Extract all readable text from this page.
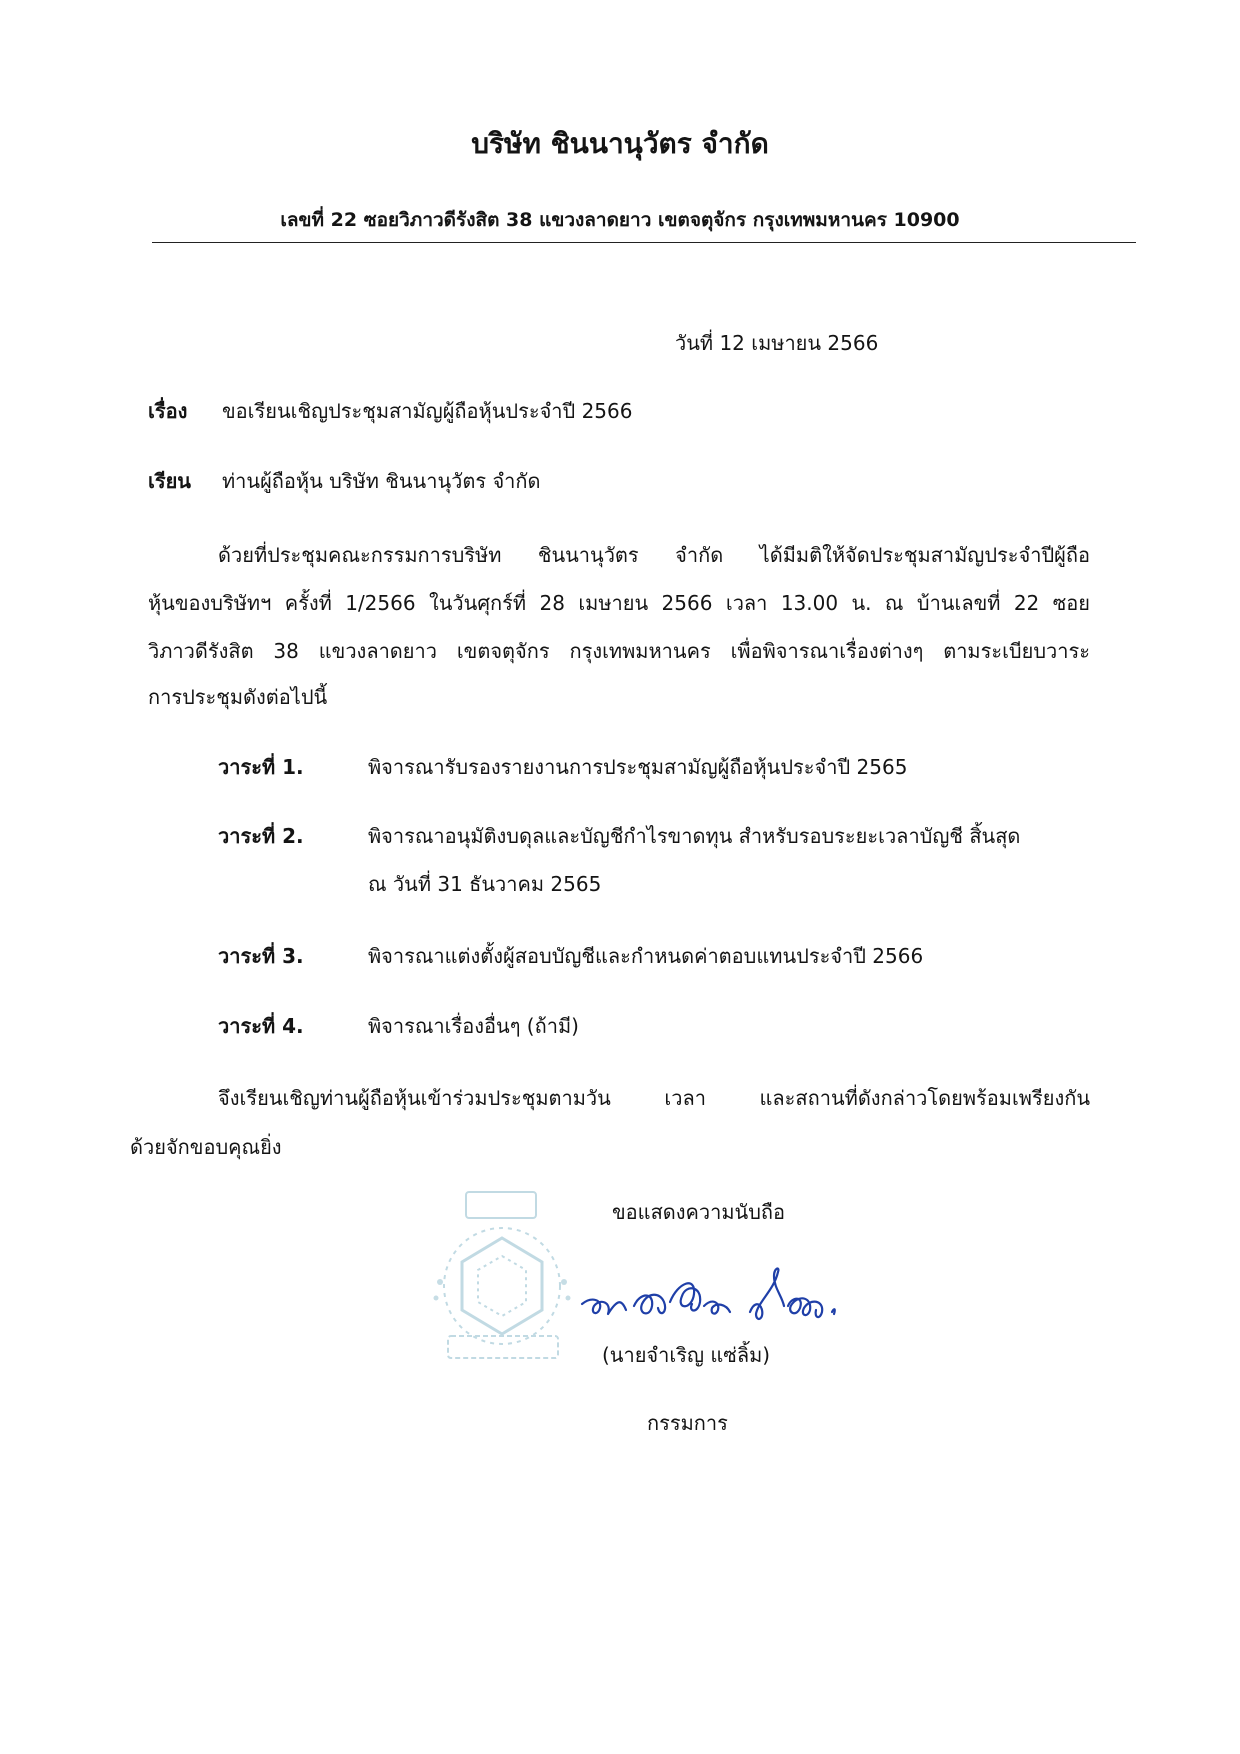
บริษัท ชินนานุวัตร จำกัด
เลขที่ 22 ซอยวิภาวดีรังสิต 38 แขวงลาดยาว เขตจตุจักร กรุงเทพมหานคร 10900
วันที่ 12 เมษายน 2566
เรื่อง ขอเรียนเชิญประชุมสามัญผู้ถือหุ้นประจำปี 2566
เรียน ท่านผู้ถือหุ้น บริษัท ชินนานุวัตร จำกัด
ด้วยที่ประชุมคณะกรรมการบริษัท ชินนานุวัตร จำกัด ได้มีมติให้จัดประชุมสามัญประจำปีผู้ถือ
หุ้นของบริษัทฯ ครั้งที่ 1/2566 ในวันศุกร์ที่ 28 เมษายน 2566 เวลา 13.00 น. ณ บ้านเลขที่ 22 ซอย
วิภาวดีรังสิต 38 แขวงลาดยาว เขตจตุจักร กรุงเทพมหานคร เพื่อพิจารณาเรื่องต่างๆ ตามระเบียบวาระ
การประชุมดังต่อไปนี้
วาระที่ 1.	พิจารณารับรองรายงานการประชุมสามัญผู้ถือหุ้นประจำปี 2565
วาระที่ 2.	พิจารณาอนุมัติงบดุลและบัญชีกำไรขาดทุน สำหรับรอบระยะเวลาบัญชี สิ้นสุด
ณ วันที่ 31 ธันวาคม 2565
วาระที่ 3.	พิจารณาแต่งตั้งผู้สอบบัญชีและกำหนดค่าตอบแทนประจำปี 2566
วาระที่ 4.	พิจารณาเรื่องอื่นๆ (ถ้ามี)
จึงเรียนเชิญท่านผู้ถือหุ้นเข้าร่วมประชุมตามวัน เวลา และสถานที่ดังกล่าวโดยพร้อมเพรียงกัน
ด้วยจักขอบคุณยิ่ง
ขอแสดงความนับถือ
(นายจำเริญ แซ่ลิ้ม)
กรรมการ
